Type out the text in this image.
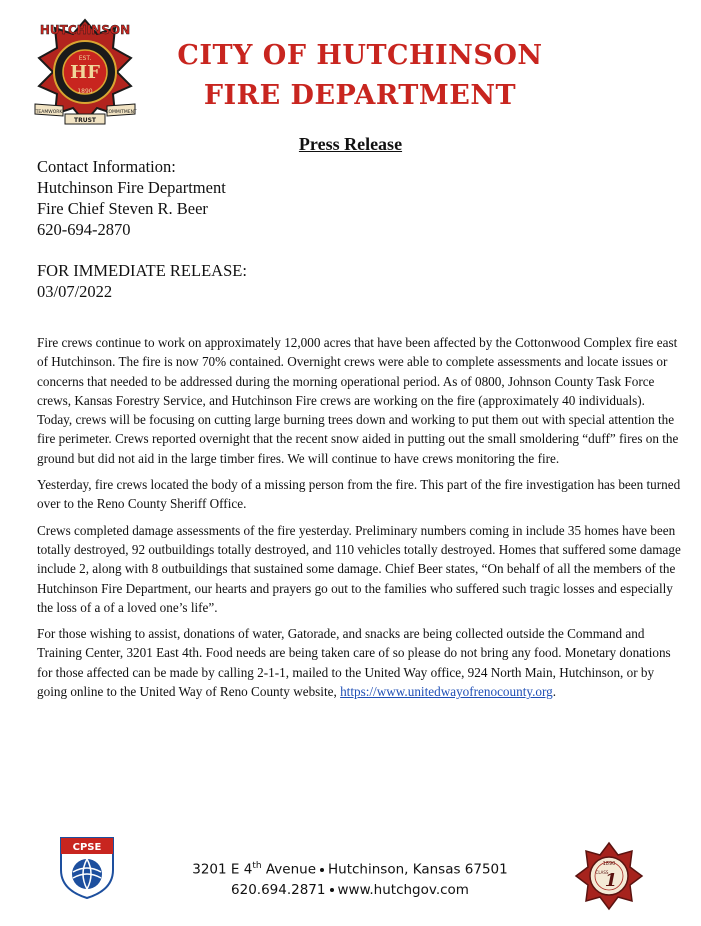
HUTCHINSON
EST.
HF
1890
TEAMWORK	COMMITMENT
TRUST
CITY OF HUTCHINSON
FIRE DEPARTMENT
Press Release
Contact Information:
Hutchinson Fire Department
Fire Chief Steven R. Beer
620-694-2870
FOR IMMEDIATE RELEASE:
03/07/2022

Fire crews continue to work on approximately 12,000 acres that have been affected by the Cottonwood Complex fire east of Hutchinson. The fire is now 70% contained. Overnight crews were able to complete assessments and locate issues or concerns that needed to be addressed during the morning operational period. As of 0800, Johnson County Task Force crews, Kansas Forestry Service, and Hutchinson Fire crews are working on the fire (approximately 40 individuals). Today, crews will be focusing on cutting large burning trees down and working to put them out with special attention the fire perimeter. Crews reported overnight that the recent snow aided in putting out the small smoldering “duff” fires on the ground but did not aid in the large timber fires. We will continue to have crews monitoring the fire.

Yesterday, fire crews located the body of a missing person from the fire. This part of the fire investigation has been turned over to the Reno County Sheriff Office.

Crews completed damage assessments of the fire yesterday. Preliminary numbers coming in include 35 homes have been totally destroyed, 92 outbuildings totally destroyed, and 110 vehicles totally destroyed. Homes that suffered some damage include 2, along with 8 outbuildings that sustained some damage. Chief Beer states, “On behalf of all the members of the Hutchinson Fire Department, our hearts and prayers go out to the families who suffered such tragic losses and especially the loss of a of a loved one’s life”.

For those wishing to assist, donations of water, Gatorade, and snacks are being collected outside the Command and Training Center, 3201 East 4th. Food needs are being taken care of so please do not bring any food. Monetary donations for those affected can be made by calling 2-1-1, mailed to the United Way office, 924 North Main, Hutchinson, or by going online to the United Way of Reno County website, https://www.unitedwayofrenocounty.org.

CPSE
3201 E 4th Avenue Hutchinson, Kansas 67501
620.694.2871 www.hutchgov.com
1890
CLASS
1
